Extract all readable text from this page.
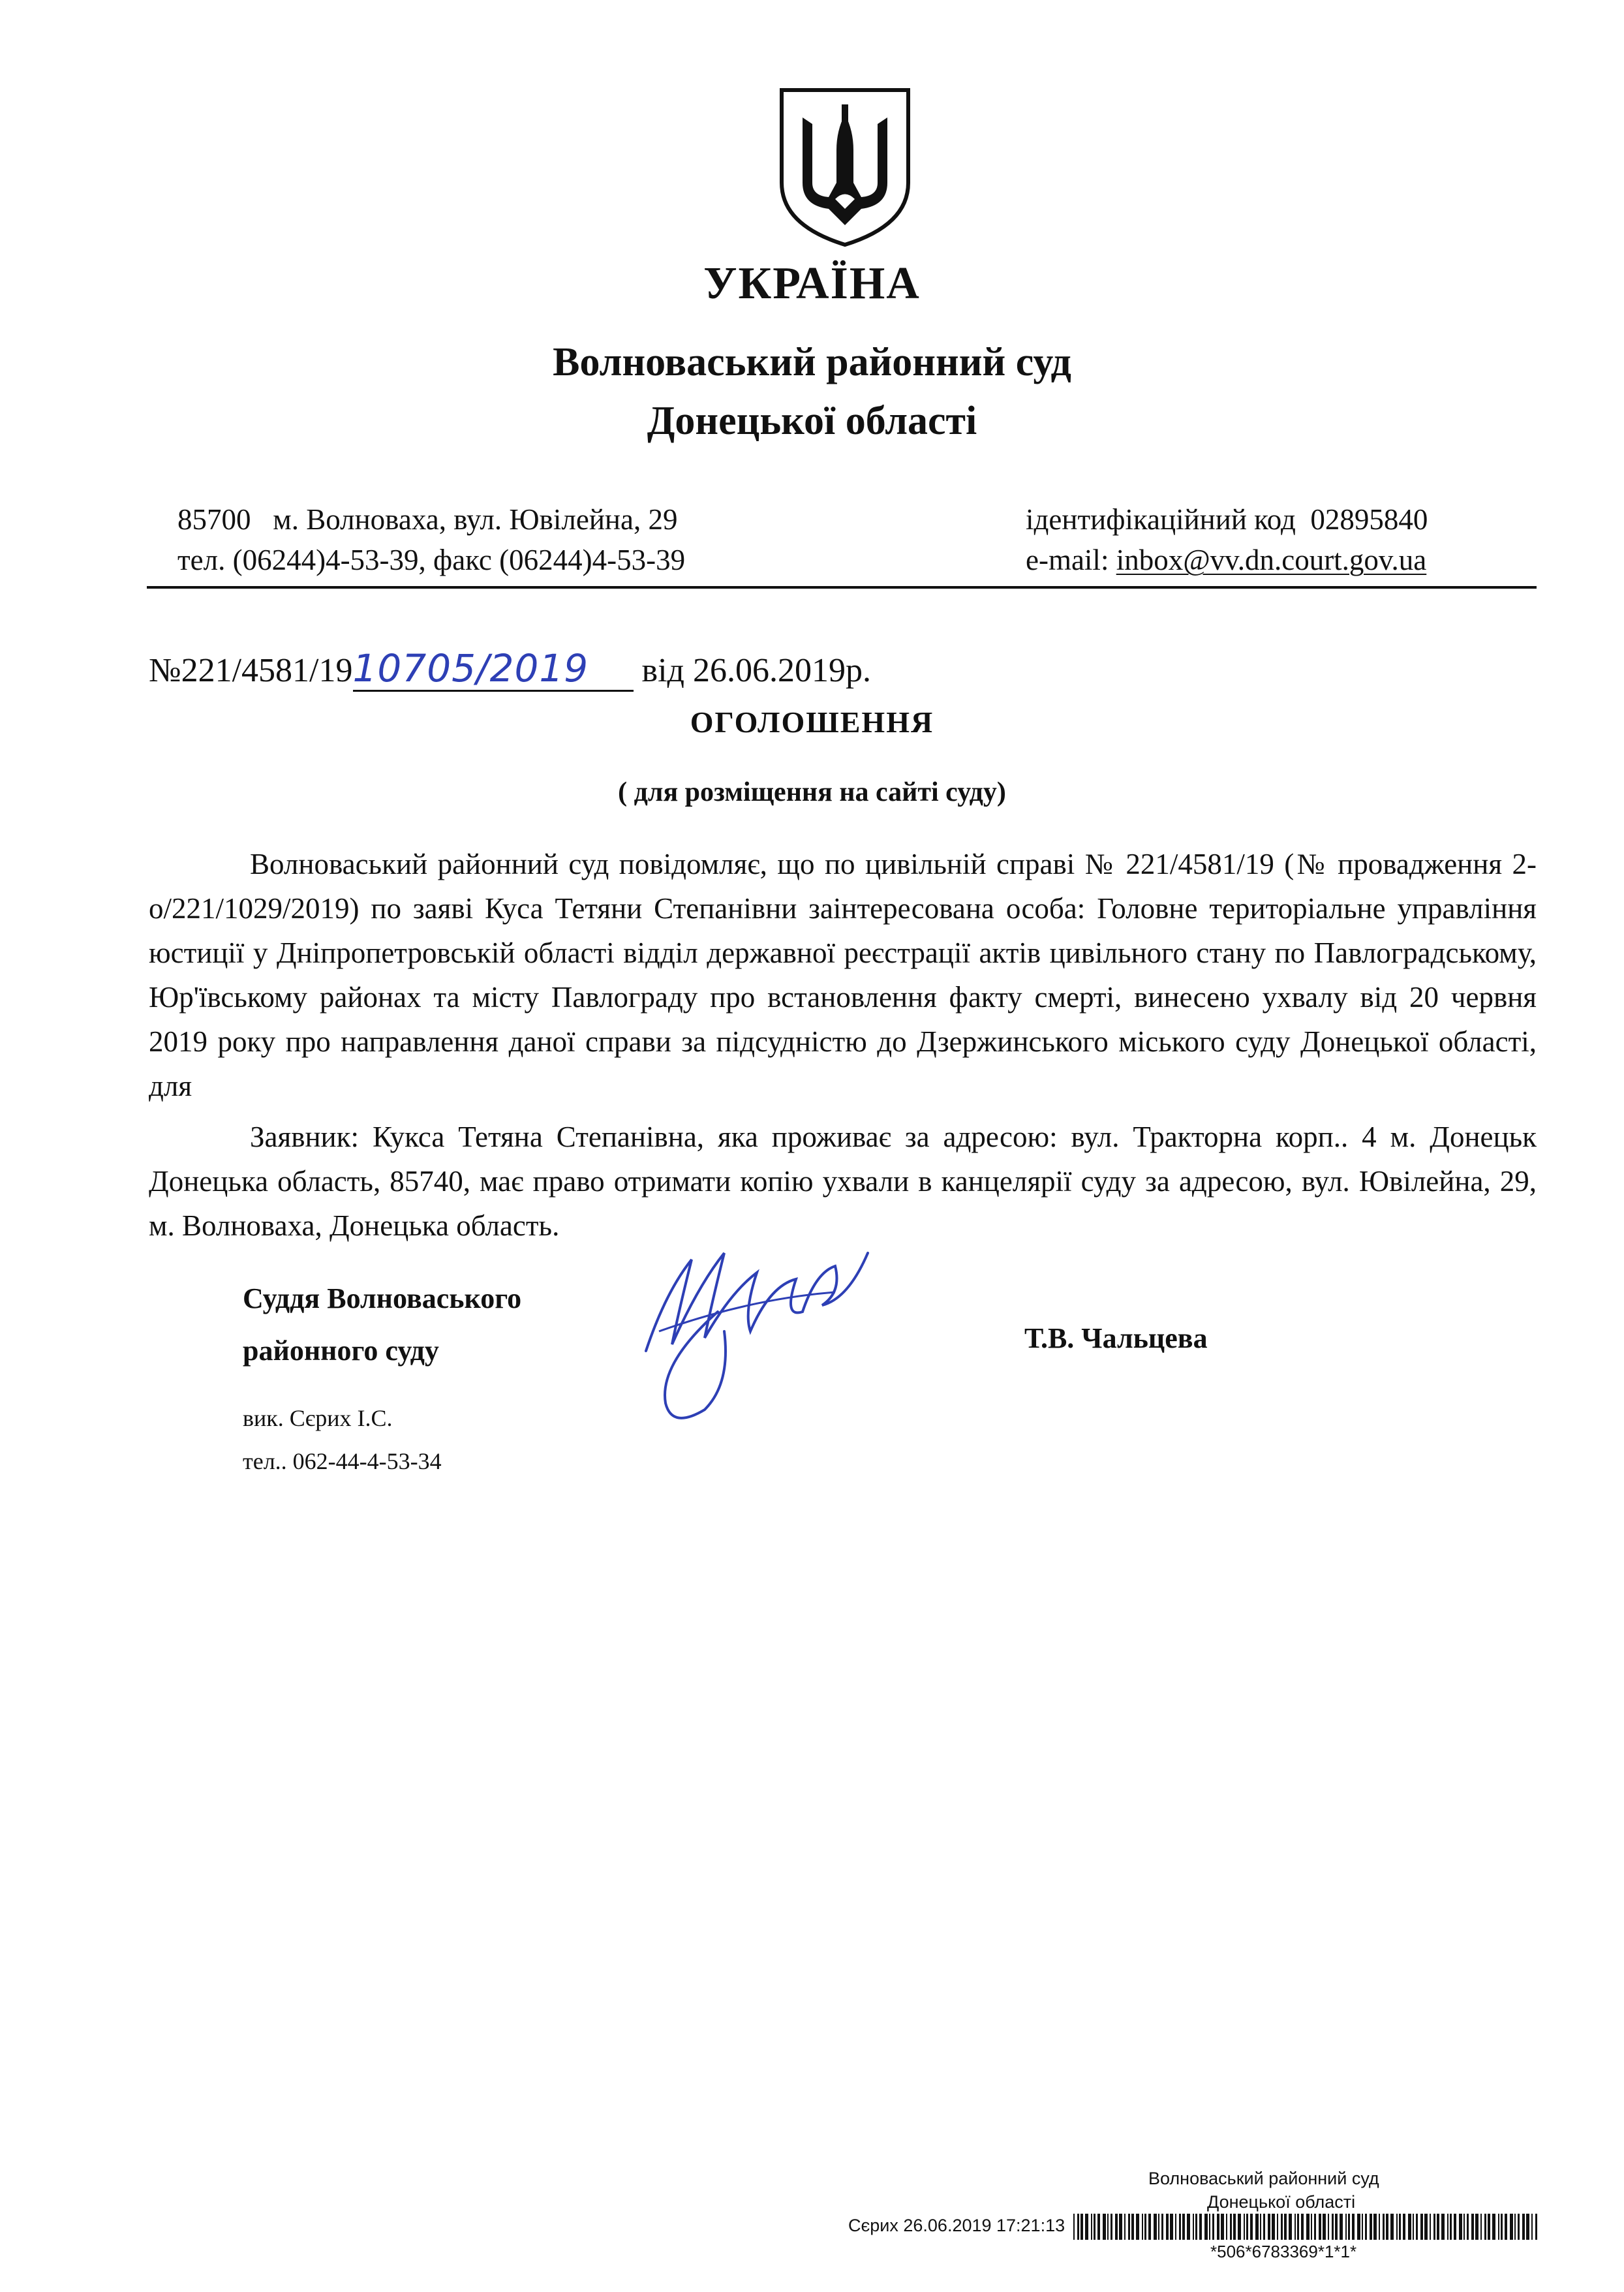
УКРАЇНА
Волноваський районний суд
Донецької області
85700   м. Волноваха, вул. Ювілейна, 29
тел. (06244)4-53-39, факс (06244)4-53-39
ідентифікаційний код  02895840
e-mail: inbox@vv.dn.court.gov.ua
№221/4581/1910705/2019 від 26.06.2019р.
ОГОЛОШЕННЯ
( для розміщення на сайті суду)
Волноваський районний суд повідомляє, що по цивільній справі № 221/4581/19 (№ провадження 2-о/221/1029/2019) по заяві Куса Тетяни Степанівни заінтересована особа: Головне територіальне управління юстиції у Дніпропетровській області відділ державної реєстрації актів цивільного стану по Павлоградському, Юр'ївському районах та місту Павлограду про встановлення факту смерті, винесено ухвалу від 20 червня 2019 року про направлення даної справи за підсудністю до Дзержинського міського суду Донецької області, для
Заявник: Кукса Тетяна Степанівна, яка проживає за адресою: вул. Тракторна корп.. 4 м. Донецьк Донецька область, 85740, має право отримати копію ухвали в канцелярії суду за адресою, вул. Ювілейна, 29, м. Волноваха, Донецька область.
Суддя Волноваського
районного суду	Т.В. Чальцева
вик. Сєрих І.С.
тел.. 062-44-4-53-34
Волноваський районний суд
Донецької області
Сєрих 26.06.2019 17:21:13
*506*6783369*1*1*
